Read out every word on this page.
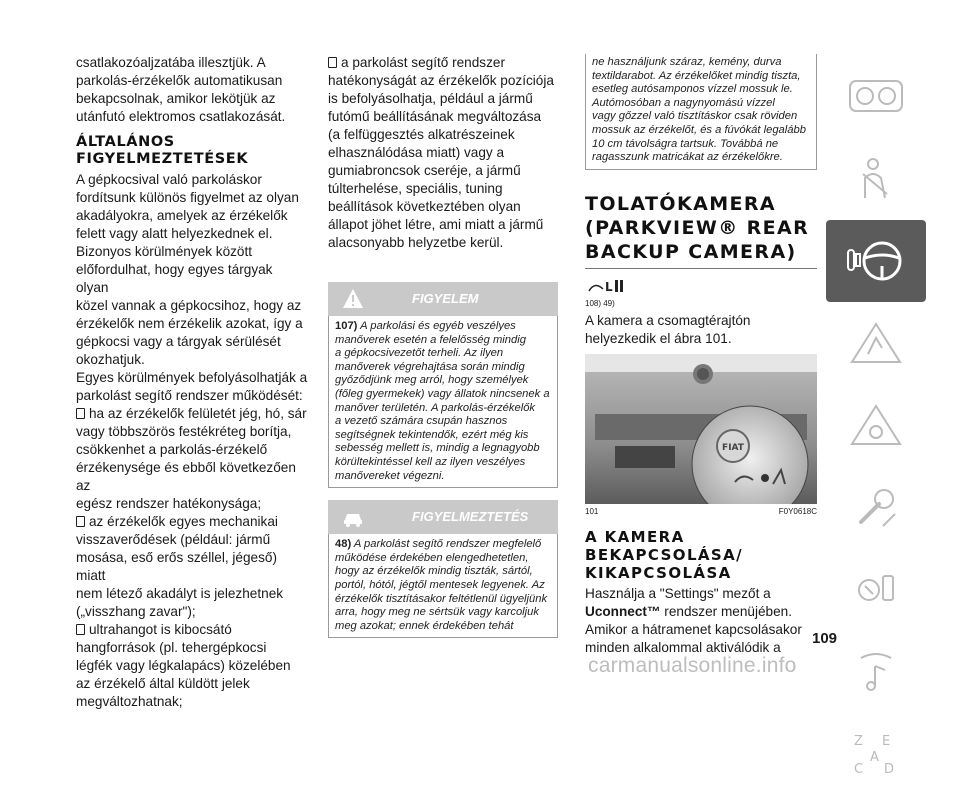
csatlakozóaljzatába illesztjük. A
parkolás-érzékelők automatikusan
bekapcsolnak, amikor lekötjük az
utánfutó elektromos csatlakozását.

ÁLTALÁNOS
FIGYELMEZTETÉSEK

A gépkocsival való parkoláskor
fordítsunk különös figyelmet az olyan
akadályokra, amelyek az érzékelők
felett vagy alatt helyezkednek el.

Bizonyos körülmények között
előfordulhat, hogy egyes tárgyak olyan
közel vannak a gépkocsihoz, hogy az
érzékelők nem érzékelik azokat, így a
gépkocsi vagy a tárgyak sérülését
okozhatjuk.

Egyes körülmények befolyásolhatják a
parkolást segítő rendszer működését:

ha az érzékelők felületét jég, hó, sár
vagy többszörös festékréteg borítja,
csökkenhet a parkolás-érzékelő
érzékenysége és ebből következően az
egész rendszer hatékonysága;

az érzékelők egyes mechanikai
visszaverődések (például: jármű
mosása, eső erős széllel, jégeső) miatt
nem létező akadályt is jelezhetnek
(„visszhang zavar");

ultrahangot is kibocsátó
hangforrások (pl. tehergépkocsi
légfék vagy légkalapács) közelében
az érzékelő által küldött jelek
megváltozhatnak;

a parkolást segítő rendszer
hatékonyságát az érzékelők pozíciója
is befolyásolhatja, például a jármű
futómű beállításának megváltozása
(a felfüggesztés alkatrészeinek
elhasználódása miatt) vagy a
gumiabroncsok cseréje, a jármű
túlterhelése, speciális, tuning
beállítások következtében olyan
állapot jöhet létre, ami miatt a jármű
alacsonyabb helyzetbe kerül.

FIGYELEM

107) A parkolási és egyéb veszélyes
manőverek esetén a felelősség mindig
a gépkocsivezetőt terheli. Az ilyen
manőverek végrehajtása során mindig
győződjünk meg arról, hogy személyek
(főleg gyermekek) vagy állatok nincsenek a
manőver területén. A parkolás-érzékelők
a vezető számára csupán hasznos
segítségnek tekintendők, ezért még kis
sebesség mellett is, mindig a legnagyobb
körültekintéssel kell az ilyen veszélyes
manővereket végezni.

FIGYELMEZTETÉS

48) A parkolást segítő rendszer megfelelő
működése érdekében elengedhetetlen,
hogy az érzékelők mindig tiszták, sártól,
portól, hótól, jégtől mentesek legyenek. Az
érzékelők tisztításakor feltétlenül ügyeljünk
arra, hogy meg ne sértsük vagy karcoljuk
meg azokat; ennek érdekében tehát

ne használjunk száraz, kemény, durva
textildarabot. Az érzékelőket mindig tiszta,
esetleg autósamponos vízzel mossuk le.
Autómosóban a nagynyomású vízzel
vagy gőzzel való tisztításkor csak röviden
mossuk az érzékelőt, és a fúvókát legalább
10 cm távolságra tartsuk. Továbbá ne
ragasszunk matricákat az érzékelőkre.

TOLATÓKAMERA
(PARKVIEW® REAR
BACKUP CAMERA)
L
108) 49)

A kamera a csomagtérajtón
helyezkedik el ábra 101.

FIAT
101	F0Y0618C
A KAMERA
BEKAPCSOLÁSA/
KIKAPCSOLÁSA

Használja a "Settings" mezőt a
Uconnect™ rendszer menüjében.
Amikor a hátramenet kapcsolásakor
minden alkalommal aktiválódik a

Z E
C
A
D
109
carmanualsonline.info
